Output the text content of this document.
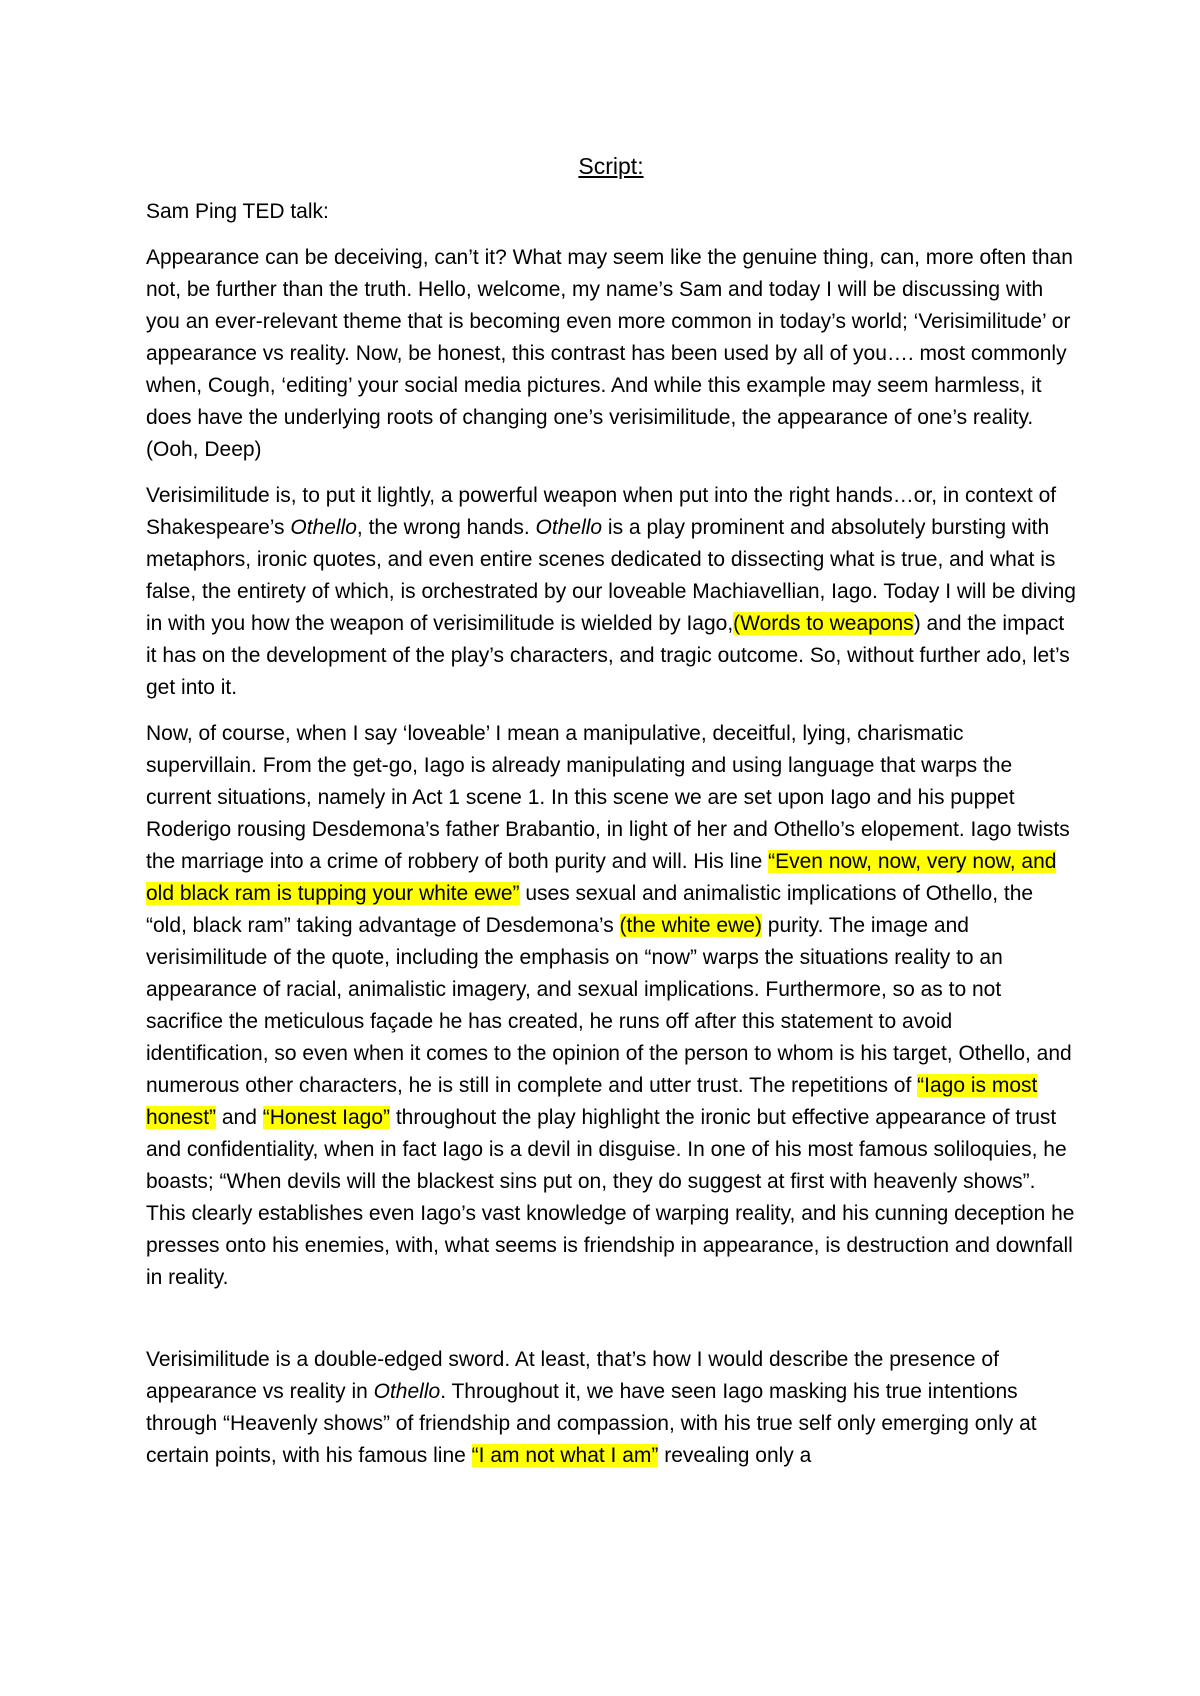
Script:
Sam Ping TED talk:
Appearance can be deceiving, can’t it? What may seem like the genuine thing, can, more often than not, be further than the truth. Hello, welcome, my name’s Sam and today I will be discussing with you an ever-relevant theme that is becoming even more common in today’s world; ‘Verisimilitude’ or appearance vs reality. Now, be honest, this contrast has been used by all of you…. most commonly when, Cough, ‘editing’ your social media pictures. And while this example may seem harmless, it does have the underlying roots of changing one’s verisimilitude, the appearance of one’s reality. (Ooh, Deep)
Verisimilitude is, to put it lightly, a powerful weapon when put into the right hands…or, in context of Shakespeare’s Othello, the wrong hands. Othello is a play prominent and absolutely bursting with metaphors, ironic quotes, and even entire scenes dedicated to dissecting what is true, and what is false, the entirety of which, is orchestrated by our loveable Machiavellian, Iago. Today I will be diving in with you how the weapon of verisimilitude is wielded by Iago,(Words to weapons) and the impact it has on the development of the play’s characters, and tragic outcome. So, without further ado, let’s get into it.
Now, of course, when I say ‘loveable’ I mean a manipulative, deceitful, lying, charismatic supervillain. From the get-go, Iago is already manipulating and using language that warps the current situations, namely in Act 1 scene 1. In this scene we are set upon Iago and his puppet Roderigo rousing Desdemona’s father Brabantio, in light of her and Othello’s elopement. Iago twists the marriage into a crime of robbery of both purity and will. His line “Even now, now, very now, and old black ram is tupping your white ewe” uses sexual and animalistic implications of Othello, the “old, black ram” taking advantage of Desdemona’s (the white ewe) purity. The image and verisimilitude of the quote, including the emphasis on “now” warps the situations reality to an appearance of racial, animalistic imagery, and sexual implications. Furthermore, so as to not sacrifice the meticulous façade he has created, he runs off after this statement to avoid identification, so even when it comes to the opinion of the person to whom is his target, Othello, and numerous other characters, he is still in complete and utter trust. The repetitions of “Iago is most honest” and “Honest Iago” throughout the play highlight the ironic but effective appearance of trust and confidentiality, when in fact Iago is a devil in disguise. In one of his most famous soliloquies, he boasts; “When devils will the blackest sins put on, they do suggest at first with heavenly shows”. This clearly establishes even Iago’s vast knowledge of warping reality, and his cunning deception he presses onto his enemies, with, what seems is friendship in appearance, is destruction and downfall in reality.
Verisimilitude is a double-edged sword. At least, that’s how I would describe the presence of appearance vs reality in Othello. Throughout it, we have seen Iago masking his true intentions through “Heavenly shows” of friendship and compassion, with his true self only emerging only at certain points, with his famous line “I am not what I am” revealing only a
